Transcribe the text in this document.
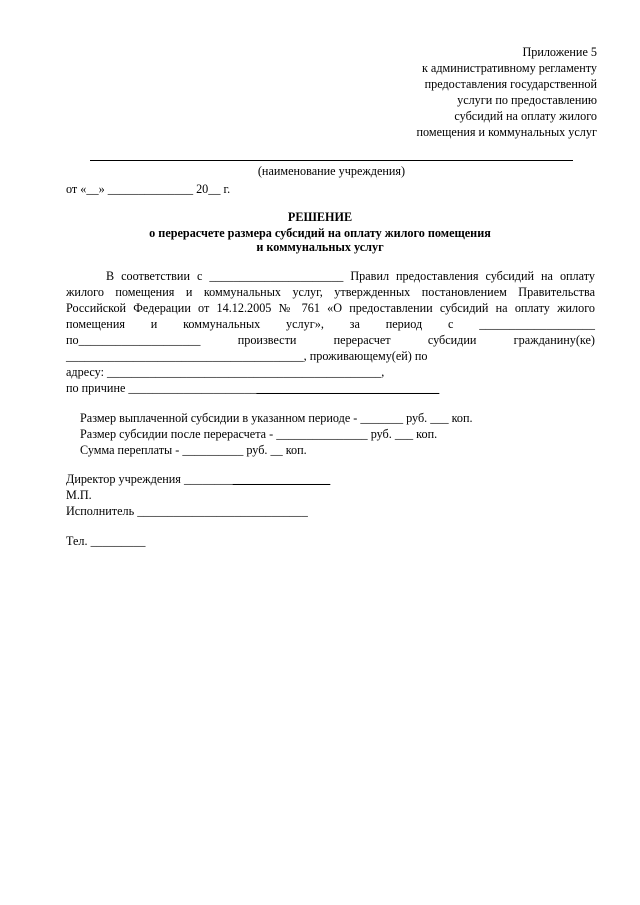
Приложение 5
к административному регламенту
предоставления государственной
услуги по предоставлению
субсидий на оплату жилого
помещения и коммунальных услуг
(наименование учреждения)
от «__» ______________ 20__ г.
РЕШЕНИЕ
о перерасчете размера субсидий на оплату жилого помещения
и коммунальных услуг
В соответствии с ______________________ Правил предоставления субсидий на оплату
жилого помещения и коммунальных услуг, утвержденных постановлением Правительства
Российской Федерации от 14.12.2005 № 761 «О предоставлении субсидий на оплату жилого
помещения и коммунальных услуг», за период с ___________________
по____________________ произвести перерасчет субсидии гражданину(ке)
_______________________________________, проживающему(ей) по
адресу: _____________________________________________,
по причине ___________________________________________________
Размер выплаченной субсидии в указанном периоде - _______ руб. ___ коп.
Размер субсидии после перерасчета - _______________ руб. ___ коп.
Сумма переплаты - __________ руб. __ коп.
Директор учреждения ________________________
М.П.
Исполнитель ____________________________
Тел. _________
